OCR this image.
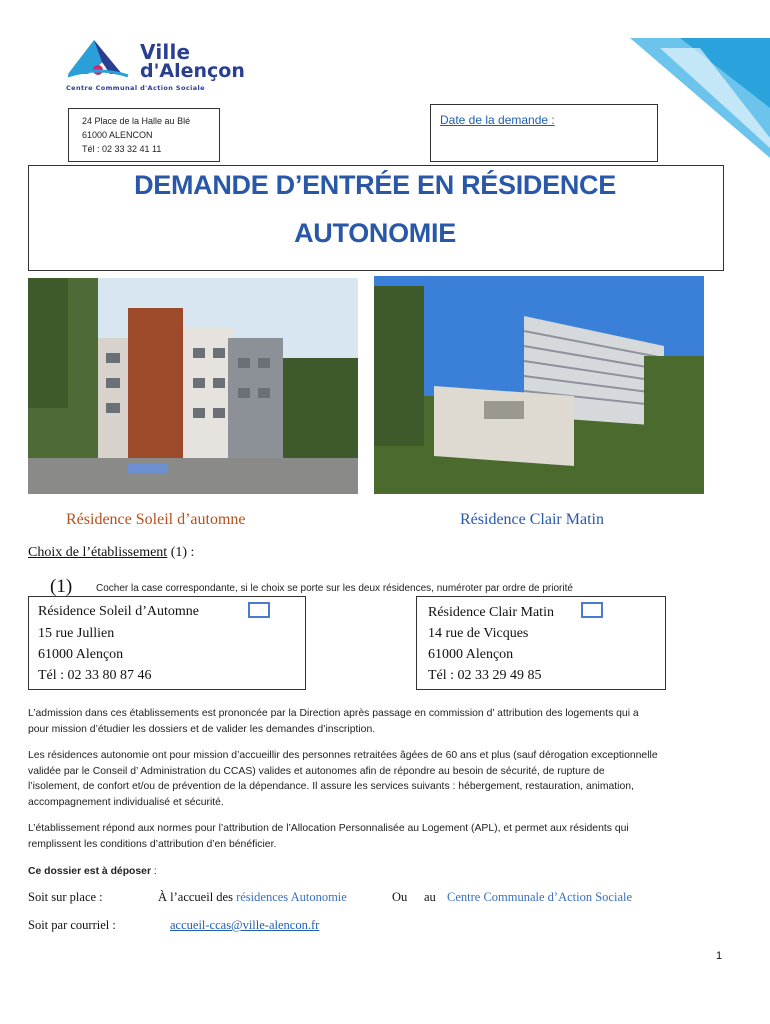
Ville
d'Alençon
Centre Communal d'Action Sociale
24 Place de la Halle au Blé
61000 ALENCON
Tél : 02 33 32 41 11
Date de la demande :
DEMANDE D’ENTRÉE EN RÉSIDENCE
AUTONOMIE
Résidence Soleil d’automne	Résidence Clair Matin
Choix de l’établissement (1) :
(1) Cocher la case correspondante, si le choix se porte sur les deux résidences, numéroter par ordre de priorité
Résidence Soleil d’Automne
15 rue Jullien
61000 Alençon
Tél : 02 33 80 87 46
Résidence Clair Matin
14 rue de Vicques
61000 Alençon
Tél : 02 33 29 49 85
L’admission dans ces établissements est prononcée par la Direction après passage en commission d’ attribution des logements qui a
pour mission d’étudier les dossiers et de valider les demandes d’inscription.
Les résidences autonomie ont pour mission d’accueillir des personnes retraitées âgées de 60 ans et plus (sauf dérogation exceptionnelle
validée par le Conseil d’ Administration du CCAS) valides et autonomes afin de répondre au besoin de sécurité, de rupture de
l’isolement, de confort et/ou de prévention de la dépendance. Il assure les services suivants : hébergement, restauration, animation,
accompagnement individualisé et sécurité.
L’établissement répond aux normes pour l’attribution de l’Allocation Personnalisée au Logement (APL), et permet aux résidents qui
remplissent les conditions d’attribution d’en bénéficier.
Ce dossier est à déposer :
Soit sur place :	À l’accueil des résidences Autonomie	Ou au Centre Communale d’Action Sociale
Soit par courriel :	accueil-ccas@ville-alencon.fr
1
